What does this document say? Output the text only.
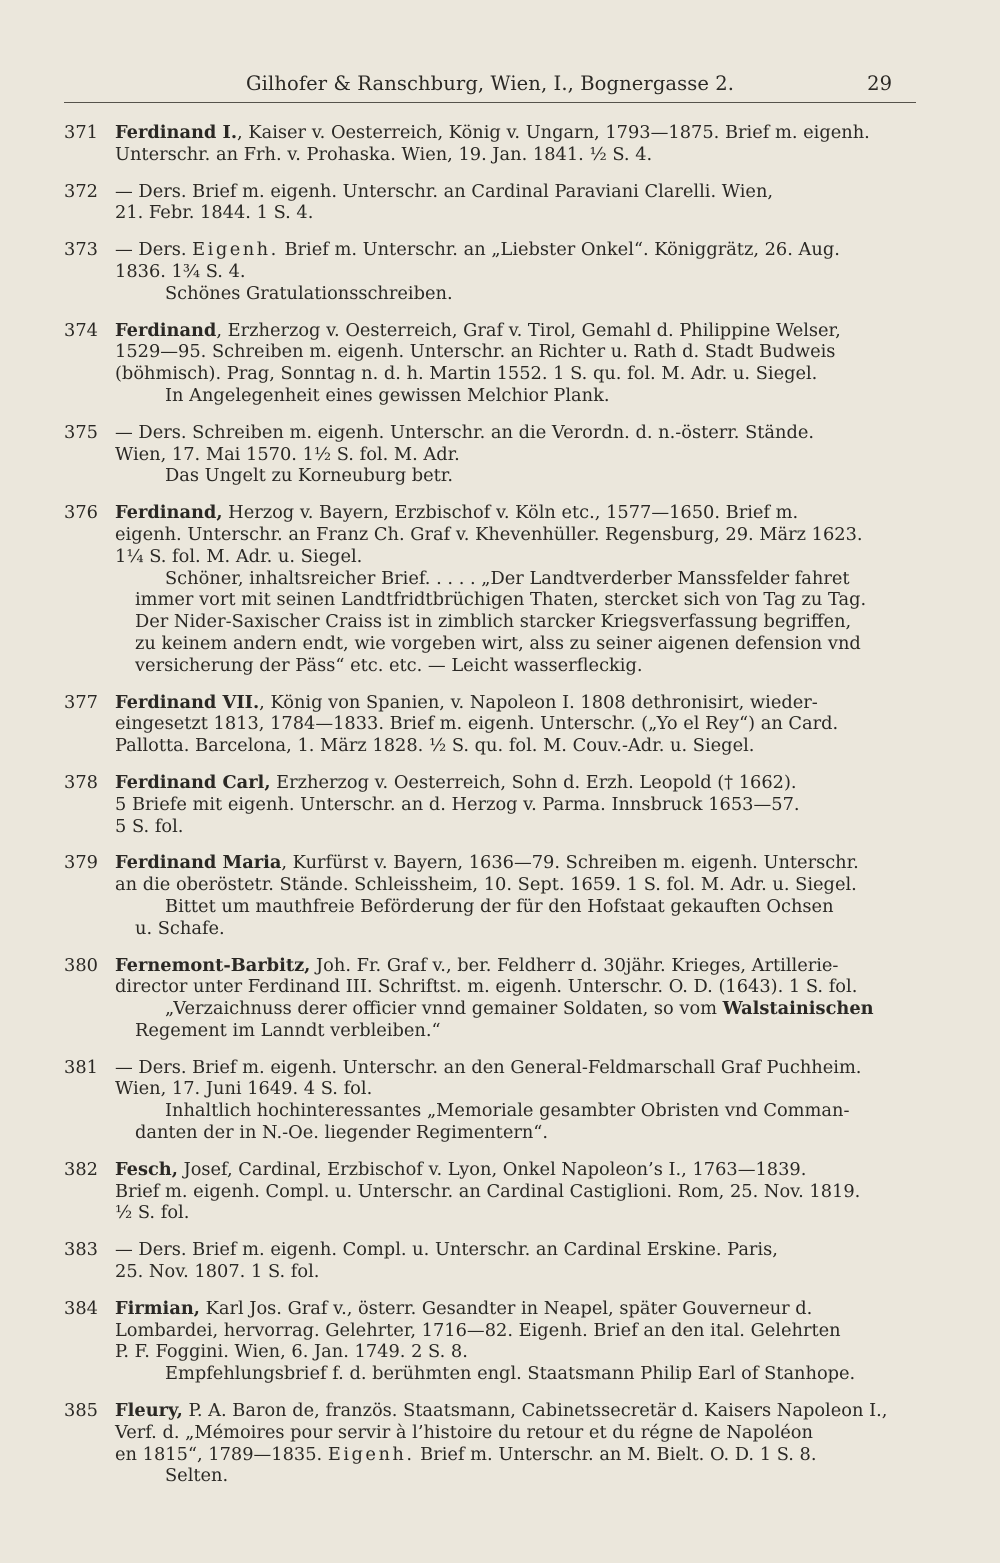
Gilhofer & Ranschburg, Wien, I., Bognergasse 2.	29
371 Ferdinand I., Kaiser v. Oesterreich, König v. Ungarn, 1793—1875. Brief m. eigenh.
Unterschr. an Frh. v. Prohaska. Wien, 19. Jan. 1841. ½ S. 4.
372 — Ders. Brief m. eigenh. Unterschr. an Cardinal Paraviani Clarelli. Wien,
21. Febr. 1844. 1 S. 4.
373 — Ders. Eigenh. Brief m. Unterschr. an „Liebster Onkel“. Königgrätz, 26. Aug.
1836. 1¾ S. 4.
Schönes Gratulationsschreiben.
374 Ferdinand, Erzherzog v. Oesterreich, Graf v. Tirol, Gemahl d. Philippine Welser,
1529—95. Schreiben m. eigenh. Unterschr. an Richter u. Rath d. Stadt Budweis
(böhmisch). Prag, Sonntag n. d. h. Martin 1552. 1 S. qu. fol. M. Adr. u. Siegel.
In Angelegenheit eines gewissen Melchior Plank.
375 — Ders. Schreiben m. eigenh. Unterschr. an die Verordn. d. n.-österr. Stände.
Wien, 17. Mai 1570. 1½ S. fol. M. Adr.
Das Ungelt zu Korneuburg betr.
376 Ferdinand, Herzog v. Bayern, Erzbischof v. Köln etc., 1577—1650. Brief m.
eigenh. Unterschr. an Franz Ch. Graf v. Khevenhüller. Regensburg, 29. März 1623.
1¼ S. fol. M. Adr. u. Siegel.
Schöner, inhaltsreicher Brief. . . . . „Der Landtverderber Manssfelder fahret
immer vort mit seinen Landtfridtbrüchigen Thaten, stercket sich von Tag zu Tag.
Der Nider-Saxischer Craiss ist in zimblich starcker Kriegsverfassung begriffen,
zu keinem andern endt, wie vorgeben wirt, alss zu seiner aigenen defension vnd
versicherung der Päss“ etc. etc. — Leicht wasserfleckig.
377 Ferdinand VII., König von Spanien, v. Napoleon I. 1808 dethronisirt, wieder-
eingesetzt 1813, 1784—1833. Brief m. eigenh. Unterschr. („Yo el Rey“) an Card.
Pallotta. Barcelona, 1. März 1828. ½ S. qu. fol. M. Couv.-Adr. u. Siegel.
378 Ferdinand Carl, Erzherzog v. Oesterreich, Sohn d. Erzh. Leopold († 1662).
5 Briefe mit eigenh. Unterschr. an d. Herzog v. Parma. Innsbruck 1653—57.
5 S. fol.
379 Ferdinand Maria, Kurfürst v. Bayern, 1636—79. Schreiben m. eigenh. Unterschr.
an die oberöstetr. Stände. Schleissheim, 10. Sept. 1659. 1 S. fol. M. Adr. u. Siegel.
Bittet um mauthfreie Beförderung der für den Hofstaat gekauften Ochsen
u. Schafe.
380 Fernemont-Barbitz, Joh. Fr. Graf v., ber. Feldherr d. 30jähr. Krieges, Artillerie-
director unter Ferdinand III. Schriftst. m. eigenh. Unterschr. O. D. (1643). 1 S. fol.
„Verzaichnuss derer officier vnnd gemainer Soldaten, so vom Walstainischen
Regement im Lanndt verbleiben.“
381 — Ders. Brief m. eigenh. Unterschr. an den General-Feldmarschall Graf Puchheim.
Wien, 17. Juni 1649. 4 S. fol.
Inhaltlich hochinteressantes „Memoriale gesambter Obristen vnd Comman-
danten der in N.-Oe. liegender Regimentern“.
382 Fesch, Josef, Cardinal, Erzbischof v. Lyon, Onkel Napoleon’s I., 1763—1839.
Brief m. eigenh. Compl. u. Unterschr. an Cardinal Castiglioni. Rom, 25. Nov. 1819.
½ S. fol.
383 — Ders. Brief m. eigenh. Compl. u. Unterschr. an Cardinal Erskine. Paris,
25. Nov. 1807. 1 S. fol.
384 Firmian, Karl Jos. Graf v., österr. Gesandter in Neapel, später Gouverneur d.
Lombardei, hervorrag. Gelehrter, 1716—82. Eigenh. Brief an den ital. Gelehrten
P. F. Foggini. Wien, 6. Jan. 1749. 2 S. 8.
Empfehlungsbrief f. d. berühmten engl. Staatsmann Philip Earl of Stanhope.
385 Fleury, P. A. Baron de, französ. Staatsmann, Cabinetssecretär d. Kaisers Napoleon I.,
Verf. d. „Mémoires pour servir à l’histoire du retour et du régne de Napoléon
en 1815“, 1789—1835. Eigenh. Brief m. Unterschr. an M. Bielt. O. D. 1 S. 8.
Selten.
